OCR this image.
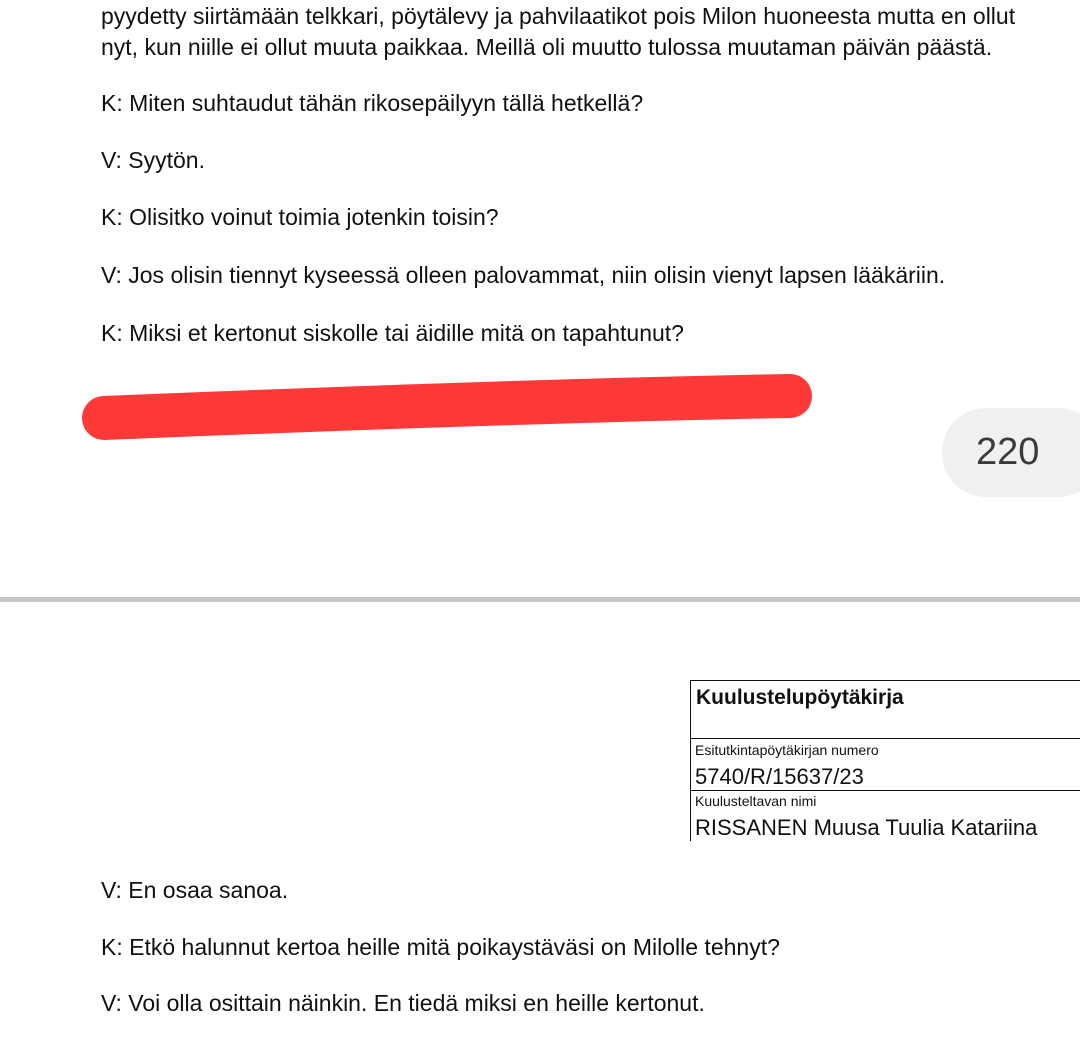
pyydetty siirtämään telkkari, pöytälevy ja pahvilaatikot pois Milon huoneesta mutta en ollut
nyt, kun niille ei ollut muuta paikkaa. Meillä oli muutto tulossa muutaman päivän päästä.
K: Miten suhtaudut tähän rikosepäilyyn tällä hetkellä?
V: Syytön.
K: Olisitko voinut toimia jotenkin toisin?
V: Jos olisin tiennyt kyseessä olleen palovammat, niin olisin vienyt lapsen lääkäriin.
K: Miksi et kertonut siskolle tai äidille mitä on tapahtunut?
220
Kuulustelupöytäkirja
Esitutkintapöytäkirjan numero
5740/R/15637/23
Kuulusteltavan nimi
RISSANEN Muusa Tuulia Katariina
V: En osaa sanoa.
K: Etkö halunnut kertoa heille mitä poikaystäväsi on Milolle tehnyt?
V: Voi olla osittain näinkin. En tiedä miksi en heille kertonut.
